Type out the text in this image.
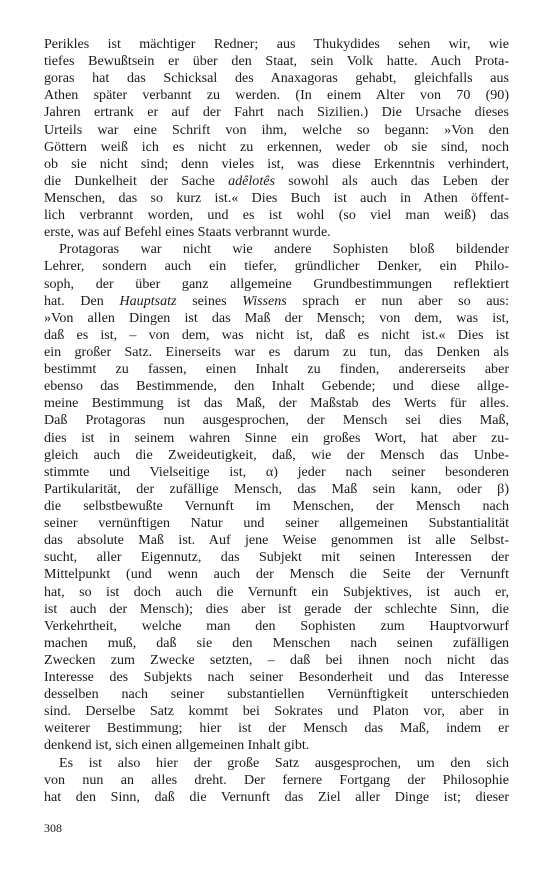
Perikles ist mächtiger Redner; aus Thukydides sehen wir, wie
tiefes Bewußtsein er über den Staat, sein Volk hatte. Auch Prota-
goras hat das Schicksal des Anaxagoras gehabt, gleichfalls aus
Athen später verbannt zu werden. (In einem Alter von 70 (90)
Jahren ertrank er auf der Fahrt nach Sizilien.) Die Ursache dieses
Urteils war eine Schrift von ihm, welche so begann: »Von den
Göttern weiß ich es nicht zu erkennen, weder ob sie sind, noch
ob sie nicht sind; denn vieles ist, was diese Erkenntnis verhindert,
die Dunkelheit der Sache adêlotês sowohl als auch das Leben der
Menschen, das so kurz ist.« Dies Buch ist auch in Athen öffent-
lich verbrannt worden, und es ist wohl (so viel man weiß) das
erste, was auf Befehl eines Staats verbrannt wurde.
Protagoras war nicht wie andere Sophisten bloß bildender
Lehrer, sondern auch ein tiefer, gründlicher Denker, ein Philo-
soph, der über ganz allgemeine Grundbestimmungen reflektiert
hat. Den Hauptsatz seines Wissens sprach er nun aber so aus:
»Von allen Dingen ist das Maß der Mensch; von dem, was ist,
daß es ist, – von dem, was nicht ist, daß es nicht ist.« Dies ist
ein großer Satz. Einerseits war es darum zu tun, das Denken als
bestimmt zu fassen, einen Inhalt zu finden, andererseits aber
ebenso das Bestimmende, den Inhalt Gebende; und diese allge-
meine Bestimmung ist das Maß, der Maßstab des Werts für alles.
Daß Protagoras nun ausgesprochen, der Mensch sei dies Maß,
dies ist in seinem wahren Sinne ein großes Wort, hat aber zu-
gleich auch die Zweideutigkeit, daß, wie der Mensch das Unbe-
stimmte und Vielseitige ist, α) jeder nach seiner besonderen
Partikularität, der zufällige Mensch, das Maß sein kann, oder β)
die selbstbewußte Vernunft im Menschen, der Mensch nach
seiner vernünftigen Natur und seiner allgemeinen Substantialität
das absolute Maß ist. Auf jene Weise genommen ist alle Selbst-
sucht, aller Eigennutz, das Subjekt mit seinen Interessen der
Mittelpunkt (und wenn auch der Mensch die Seite der Vernunft
hat, so ist doch auch die Vernunft ein Subjektives, ist auch er,
ist auch der Mensch); dies aber ist gerade der schlechte Sinn, die
Verkehrtheit, welche man den Sophisten zum Hauptvorwurf
machen muß, daß sie den Menschen nach seinen zufälligen
Zwecken zum Zwecke setzten, – daß bei ihnen noch nicht das
Interesse des Subjekts nach seiner Besonderheit und das Interesse
desselben nach seiner substantiellen Vernünftigkeit unterschieden
sind. Derselbe Satz kommt bei Sokrates und Platon vor, aber in
weiterer Bestimmung; hier ist der Mensch das Maß, indem er
denkend ist, sich einen allgemeinen Inhalt gibt.
Es ist also hier der große Satz ausgesprochen, um den sich
von nun an alles dreht. Der fernere Fortgang der Philosophie
hat den Sinn, daß die Vernunft das Ziel aller Dinge ist; dieser
308
